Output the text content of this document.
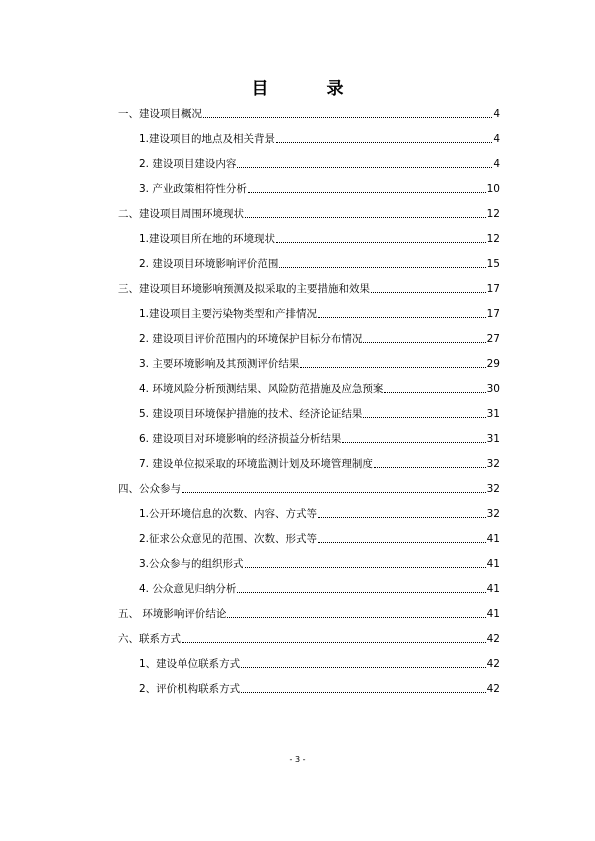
目	录
一、建设项目概况	4
1.建设项目的地点及相关背景	4
2. 建设项目建设内容	4
3. 产业政策相符性分析	10
二、建设项目周围环境现状	12
1.建设项目所在地的环境现状	12
2. 建设项目环境影响评价范围	15
三、建设项目环境影响预测及拟采取的主要措施和效果	17
1.建设项目主要污染物类型和产排情况	17
2. 建设项目评价范围内的环境保护目标分布情况	27
3. 主要环境影响及其预测评价结果	29
4. 环境风险分析预测结果、风险防范措施及应急预案	30
5. 建设项目环境保护措施的技术、经济论证结果	31
6. 建设项目对环境影响的经济损益分析结果	31
7. 建设单位拟采取的环境监测计划及环境管理制度	32
四、公众参与	32
1.公开环境信息的次数、内容、方式等	32
2.征求公众意见的范围、次数、形式等	41
3.公众参与的组织形式	41
4. 公众意见归纳分析	41
五、 环境影响评价结论	41
六、联系方式	42
1、建设单位联系方式	42
2、评价机构联系方式	42
- 3 -
